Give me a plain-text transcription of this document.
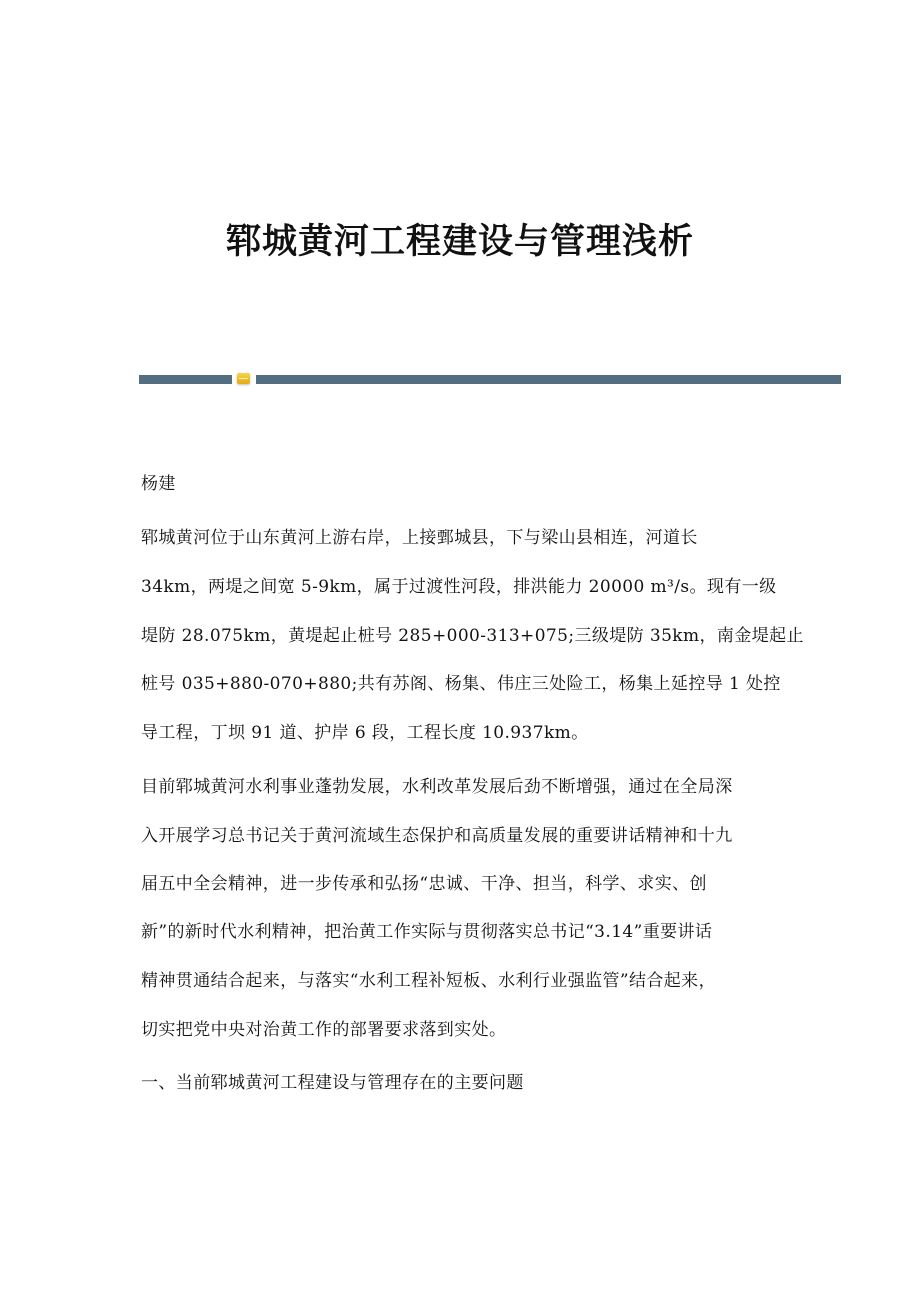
郓城黄河工程建设与管理浅析
杨建
郓城黄河位于山东黄河上游右岸，上接鄄城县，下与梁山县相连，河道长
34km，两堤之间宽 5-9km，属于过渡性河段，排洪能力 20000 m³/s。现有一级
堤防 28.075km，黄堤起止桩号 285+000-313+075;三级堤防 35km，南金堤起止
桩号 035+880-070+880;共有苏阁、杨集、伟庄三处险工，杨集上延控导 1 处控
导工程，丁坝 91 道、护岸 6 段，工程长度 10.937km。
目前郓城黄河水利事业蓬勃发展，水利改革发展后劲不断增强，通过在全局深
入开展学习总书记关于黄河流域生态保护和高质量发展的重要讲话精神和十九
届五中全会精神，进一步传承和弘扬“忠诚、干净、担当，科学、求实、创
新”的新时代水利精神，把治黄工作实际与贯彻落实总书记“3.14”重要讲话
精神贯通结合起来，与落实“水利工程补短板、水利行业强监管”结合起来，
切实把党中央对治黄工作的部署要求落到实处。
一、当前郓城黄河工程建设与管理存在的主要问题
